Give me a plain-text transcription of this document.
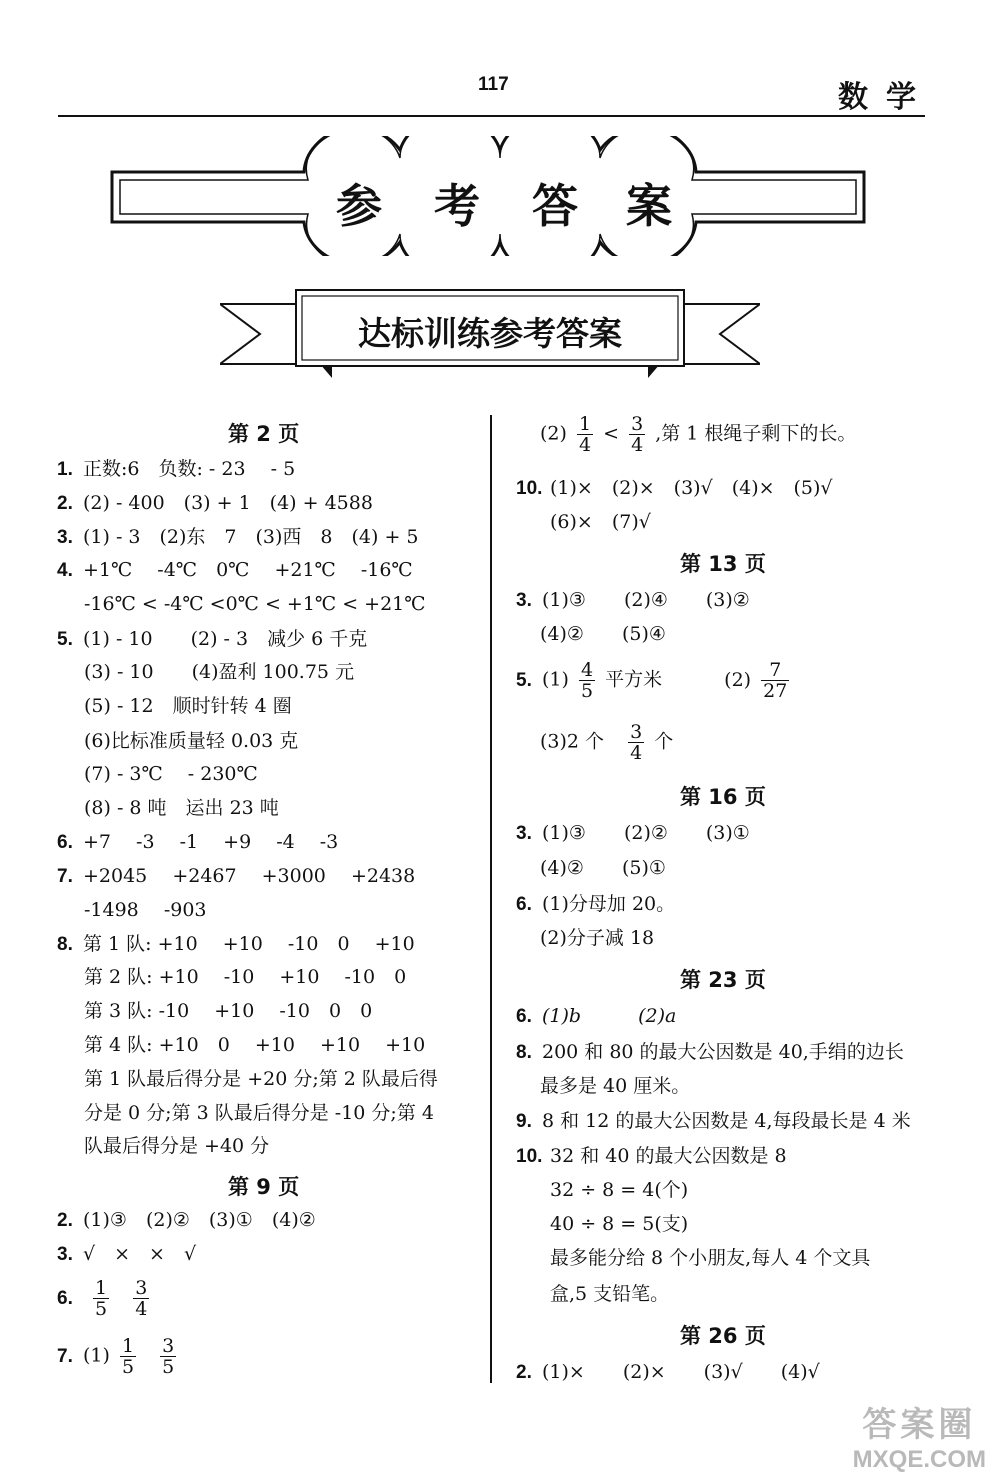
117	数学
参 考 答 案
达标训练参考答案
第 2 页
1. 正数:6　负数: - 23　 - 5
2. (2) - 400　(3) + 1　(4) + 4588
3. (1) - 3　(2)东　7　(3)西　8　(4) + 5
4. +1℃　 -4℃　0℃　 +21℃　 -16℃
-16℃ < -4℃ <0℃ < +1℃ < +21℃
5. (1) - 10　　(2) - 3　减少 6 千克
(3) - 10　　(4)盈利 100.75 元
(5) - 12　顺时针转 4 圈
(6)比标准质量轻 0.03 克
(7) - 3℃　 - 230℃
(8) - 8 吨　运出 23 吨
6. +7　 -3　 -1　 +9　 -4　 -3
7. +2045　 +2467　 +3000　 +2438
-1498　 -903
8. 第 1 队: +10　 +10　 -10　0　 +10
第 2 队: +10　 -10　 +10　 -10　0
第 3 队: -10　 +10　 -10　0　0
第 4 队: +10　0　 +10　 +10　 +10
第 1 队最后得分是 +20 分;第 2 队最后得
分是 0 分;第 3 队最后得分是 -10 分;第 4
队最后得分是 +40 分
第 9 页
2. (1)③　(2)②　(3)①　(4)②
3. √　×　×　√
6. $\frac{1}{5}$
$\frac{3}{4}$
7. $(1) \frac{1}{5}$
$\frac{3}{5}$
$(2) \frac{1}{4} < \frac{3}{4}$ ,第 1 根绳子剩下的长。
10. (1)×　(2)×　(3)√　(4)×　(5)√
(6)×　(7)√
第 13 页
3. (1)③　　(2)④　　(3)②
(4)②　　(5)④
5. $(1) \frac{4}{5}$ 平方米	$(2) \frac{7}{27}$
(3)2 个 $\frac{3}{4}$ 个
第 16 页
3. (1)③　　(2)②　　(3)①
(4)②　　(5)①
6. (1)分母加 20。
(2)分子减 18
第 23 页
6. (1)b　　　(2)a
8. 200 和 80 的最大公因数是 40,手绢的边长
最多是 40 厘米。
9. 8 和 12 的最大公因数是 4,每段最长是 4 米
10. 32 和 40 的最大公因数是 8
32 ÷ 8 = 4(个)
40 ÷ 8 = 5(支)
最多能分给 8 个小朋友,每人 4 个文具
盒,5 支铅笔。
第 26 页
2. (1)×　　(2)×　　(3)√　　(4)√
答案圈
MXQE.COM
